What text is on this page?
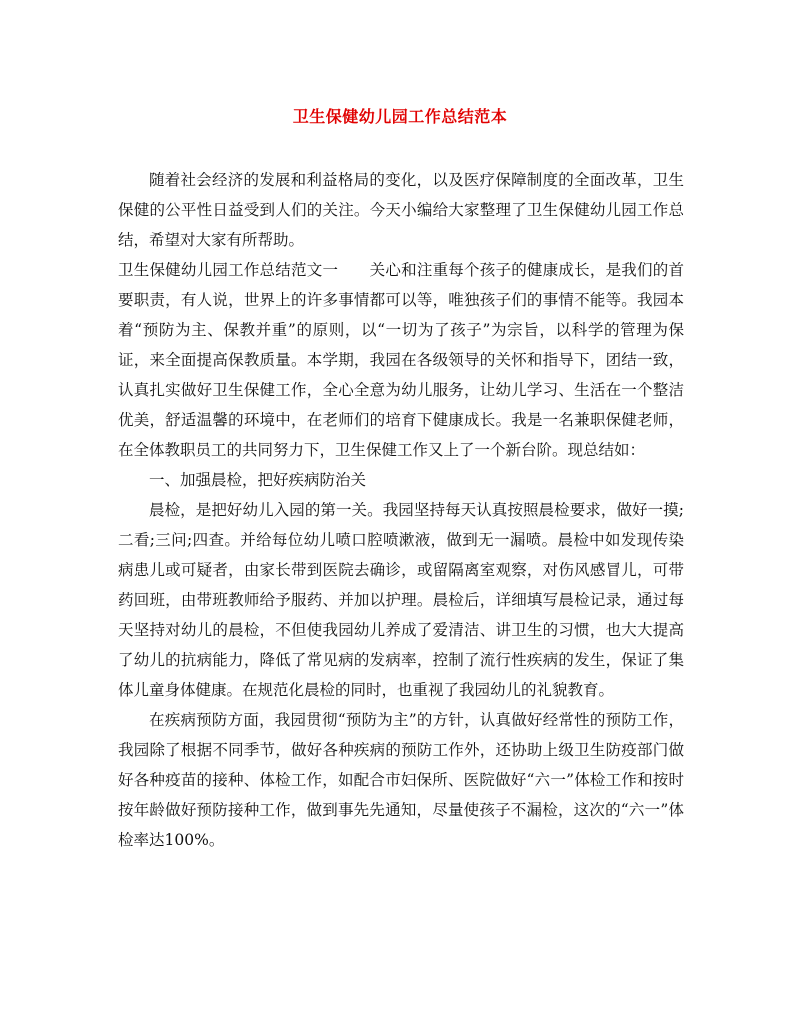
卫生保健幼儿园工作总结范本

随着社会经济的发展和利益格局的变化，以及医疗保障制度的全面改革，卫生保健的公平性日益受到人们的关注。今天小编给大家整理了卫生保健幼儿园工作总结，希望对大家有所帮助。

卫生保健幼儿园工作总结范文一　　关心和注重每个孩子的健康成长，是我们的首要职责，有人说，世界上的许多事情都可以等，唯独孩子们的事情不能等。我园本着“预防为主、保教并重”的原则，以“一切为了孩子”为宗旨，以科学的管理为保证，来全面提高保教质量。本学期，我园在各级领导的关怀和指导下，团结一致，认真扎实做好卫生保健工作，全心全意为幼儿服务，让幼儿学习、生活在一个整洁优美，舒适温馨的环境中，在老师们的培育下健康成长。我是一名兼职保健老师，在全体教职员工的共同努力下，卫生保健工作又上了一个新台阶。现总结如：

一、加强晨检，把好疾病防治关

晨检，是把好幼儿入园的第一关。我园坚持每天认真按照晨检要求，做好一摸;二看;三问;四查。并给每位幼儿喷口腔喷漱液，做到无一漏喷。晨检中如发现传染病患儿或可疑者，由家长带到医院去确诊，或留隔离室观察，对伤风感冒儿，可带药回班，由带班教师给予服药、并加以护理。晨检后，详细填写晨检记录，通过每天坚持对幼儿的晨检，不但使我园幼儿养成了爱清洁、讲卫生的习惯，也大大提高了幼儿的抗病能力，降低了常见病的发病率，控制了流行性疾病的发生，保证了集体儿童身体健康。在规范化晨检的同时，也重视了我园幼儿的礼貌教育。

在疾病预防方面，我园贯彻“预防为主”的方针，认真做好经常性的预防工作，我园除了根据不同季节，做好各种疾病的预防工作外，还协助上级卫生防疫部门做好各种疫苗的接种、体检工作，如配合市妇保所、医院做好“六一”体检工作和按时按年龄做好预防接种工作，做到事先先通知，尽量使孩子不漏检，这次的“六一”体检率达100%。
